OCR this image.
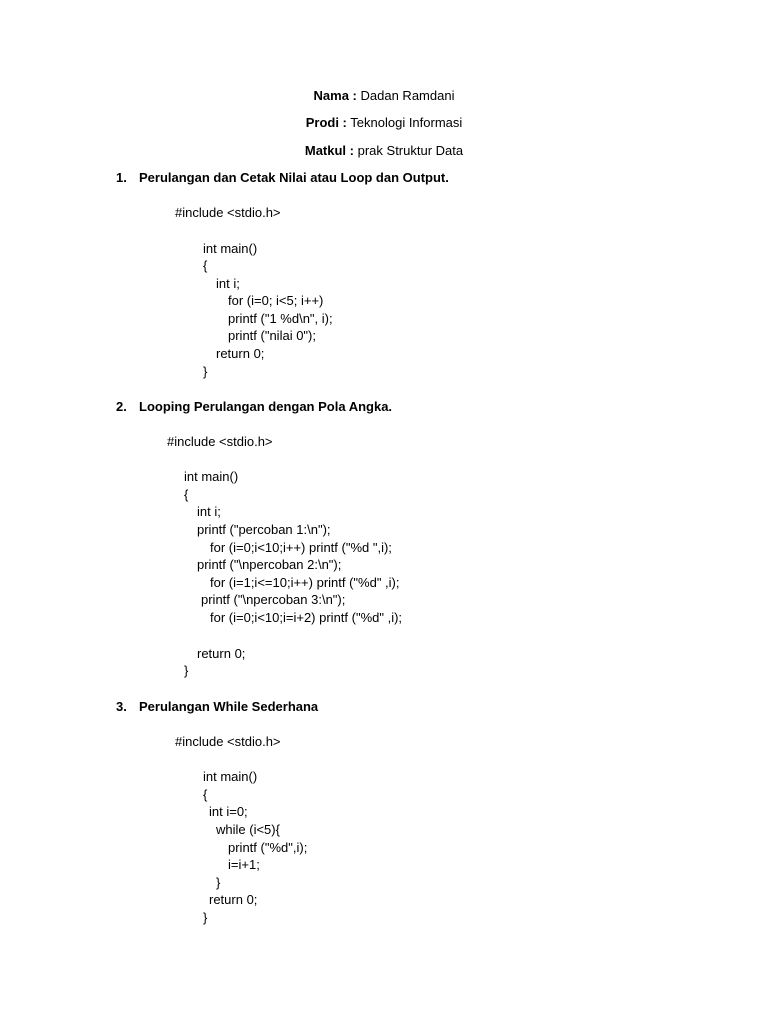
Nama : Dadan Ramdani
Prodi : Teknologi Informasi
Matkul : prak Struktur Data
1. Perulangan dan Cetak Nilai atau Loop dan Output.
#include <stdio.h>
int main()
{
int i;
for (i=0; i<5; i++)
printf ("1 %d\n", i);
printf ("nilai 0");
return 0;
}
2. Looping Perulangan dengan Pola Angka.
#include <stdio.h>
int main()
{
int i;
printf ("percoban 1:\n");
for (i=0;i<10;i++) printf ("%d ",i);
printf ("\npercoban 2:\n");
for (i=1;i<=10;i++) printf ("%d" ,i);
printf ("\npercoban 3:\n");
for (i=0;i<10;i=i+2) printf ("%d" ,i);
return 0;
}
3. Perulangan While Sederhana
#include <stdio.h>
int main()
{
int i=0;
while (i<5){
printf ("%d",i);
i=i+1;
}
return 0;
}
